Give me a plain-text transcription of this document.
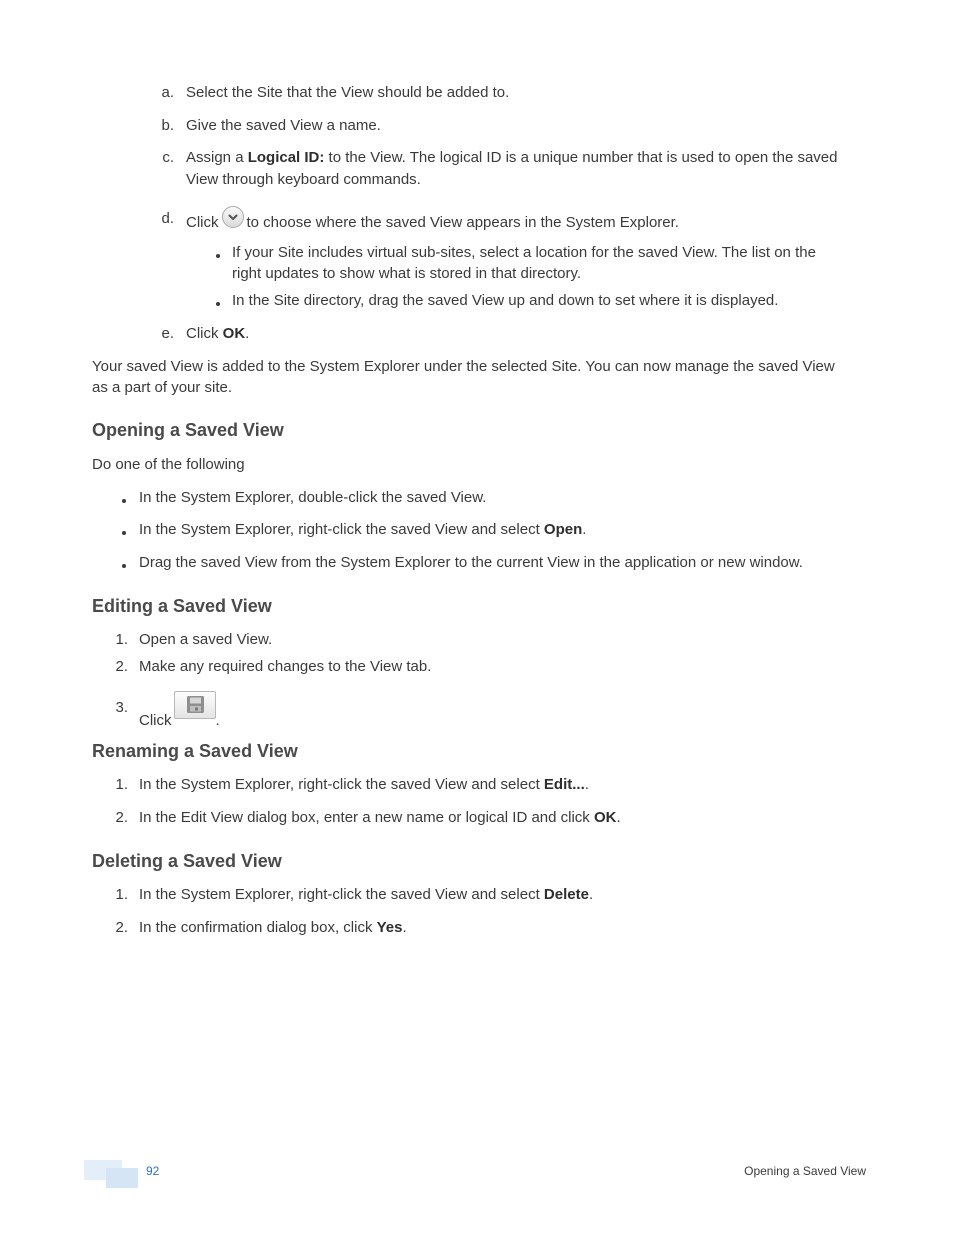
a. Select the Site that the View should be added to.
b. Give the saved View a name.
c. Assign a Logical ID: to the View. The logical ID is a unique number that is used to open the saved
View through keyboard commands.
d. Click to choose where the saved View appears in the System Explorer.
If your Site includes virtual sub-sites, select a location for the saved View. The list on the
right updates to show what is stored in that directory.
In the Site directory, drag the saved View up and down to set where it is displayed.
e. Click OK.
Your saved View is added to the System Explorer under the selected Site. You can now manage the saved View
as a part of your site.
Opening a Saved View
Do one of the following
In the System Explorer, double-click the saved View.
In the System Explorer, right-click the saved View and select Open.
Drag the saved View from the System Explorer to the current View in the application or new window.
Editing a Saved View
1. Open a saved View.
2. Make any required changes to the View tab.
3.
Click	.
Renaming a Saved View
1. In the System Explorer, right-click the saved View and select Edit....
2. In the Edit View dialog box, enter a new name or logical ID and click OK.
Deleting a Saved View
1. In the System Explorer, right-click the saved View and select Delete.
2. In the confirmation dialog box, click Yes.
92	Opening a Saved View
